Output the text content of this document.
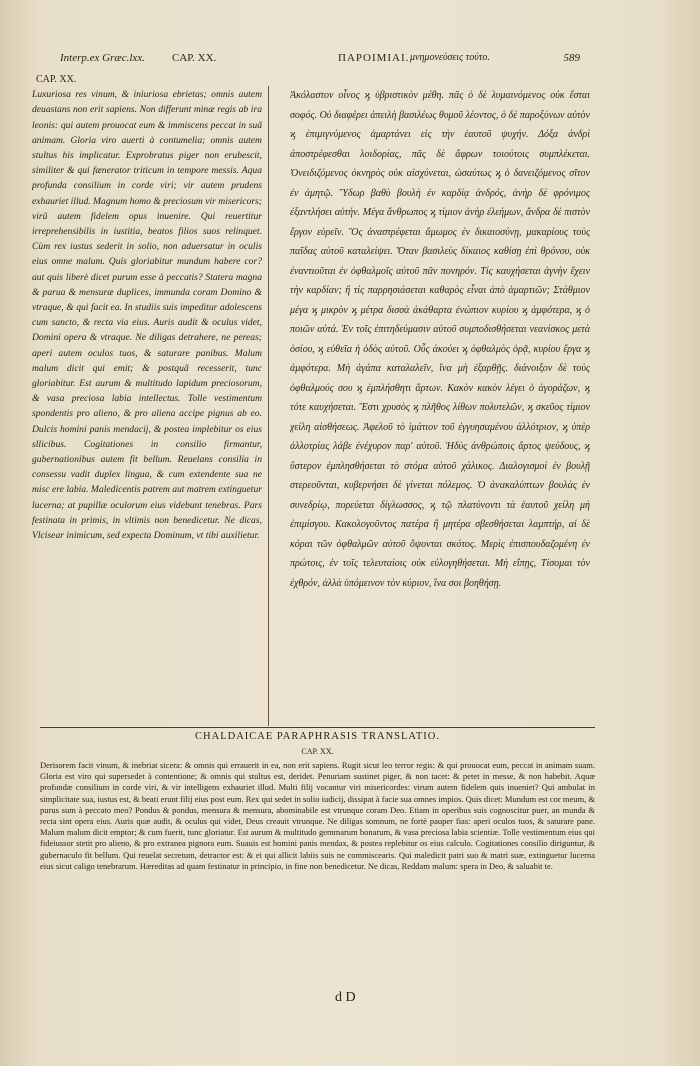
Interp.ex Græc.lxx. CAP. XX.	ΠΑΡΟΙΜΙΑΙ. μνημονεύσεις τούτο.	589
CAP. XX.

Luxuriosa res vinum, & iniuriosa ebrietas; omnis autem deuastans non erit sapiens. Non differunt minæ regis ab ira leonis: qui autem prouocat eum & immiscens peccat in suã animam. Gloria viro auerti à contumelia; omnis autem stultus his implicatur. Exprobratus piger non erubescit, similiter & qui fænerator triticum in tempore messis. Aqua profunda consilium in corde viri; vir autem prudens exhauriet illud. Magnum homo & preciosum vir misericors; virũ autem fidelem opus inuenire. Qui reuertitur irreprehensibilis in iustitia, beatos filios suos relinquet. Cùm rex iustus sederit in solio, non aduersatur in oculis eius omne malum. Quis gloriabitur mundum habere cor? aut quis liberè dicet purum esse à peccatis? Statera magna & parua & mensuræ duplices, immunda coram Domino & vtraque, & qui facit ea. In studiis suis impeditur adolescens cum sancto, & recta via eius. Auris audit & oculus videt, Domini opera & vtraque. Ne diligas detrahere, ne pereas; aperi autem oculos tuos, & saturare panibus. Malum malum dicit qui emit; & postquã recesserit, tunc gloriabitur. Est aurum & multitudo lapidum preciosorum, & vasa preciosa labia intellectus. Tolle vestimentum spondentis pro alieno, & pro aliena accipe pignus ab eo. Dulcis homini panis mendacij, & postea implebitur os eius sllicibus. Cogitationes in consilio firmantur, gubernationibus autem fit bellum. Reuelans consilia in consessu vadit duplex lingua, & cum extendente sua ne misc ere labia. Maledicentis patrem aut matrem extinguetur lucerna; at pupillæ oculorum eius videbunt tenebras. Pars festinata in primis, in vltimis non benedicetur. Ne dicas, Vlcisear inimicum, sed expecta Dominum, vt tibi auxilietur.

Ἀκόλαστον οἶνος ϗ ὑβριστικὸν μέθη. πᾶς ὁ δὲ λυμαινόμενος οὐκ ἔσται σοφός. Οὐ διαφέρει ἀπειλὴ βασιλέως θυμοῦ λέοντος, ὁ δὲ παροξύνων αὐτὸν ϗ ἐπιμιγνύμενος ἁμαρτάνει εἰς τὴν ἑαυτοῦ ψυχήν. Δόξα ἀνδρὶ ἀποστρέφεσθαι λοιδορίας, πᾶς δὲ ἄφρων τοιούτοις συμπλέκεται. Ὀνειδιζόμενος ὀκνηρὸς οὐκ αἰσχύνεται, ὡσαύτως ϗ ὁ δανειζόμενος σῖτον ἐν ἀμητῷ. Ὕδωρ βαθὺ βουλὴ ἐν καρδίᾳ ἀνδρός, ἀνὴρ δὲ φρόνιμος ἐξαντλήσει αὐτήν. Μέγα ἄνθρωπος ϗ τίμιον ἀνὴρ ἐλεήμων, ἄνδρα δὲ πιστὸν ἔργον εὑρεῖν. Ὃς ἀναστρέφεται ἄμωμος ἐν δικαιοσύνῃ, μακαρίους τοὺς παῖδας αὐτοῦ καταλείψει. Ὅταν βασιλεὺς δίκαιος καθίσῃ ἐπὶ θρόνου, οὐκ ἐναντιοῦται ἐν ὀφθαλμοῖς αὐτοῦ πᾶν πονηρόν. Τίς καυχήσεται ἁγνὴν ἔχειν τὴν καρδίαν; ἢ τίς παρρησιάσεται καθαρὸς εἶναι ἀπὸ ἁμαρτιῶν; Στάθμιον μέγα ϗ μικρὸν ϗ μέτρα δισσὰ ἀκάθαρτα ἐνώπιον κυρίου ϗ ἀμφότερα, ϗ ὁ ποιῶν αὐτά. Ἐν τοῖς ἐπιτηδεύμασιν αὐτοῦ συμποδισθήσεται νεανίσκος μετὰ ὁσίου, ϗ εὐθεῖα ἡ ὁδὸς αὐτοῦ. Οὖς ἀκούει ϗ ὀφθαλμὸς ὁρᾷ, κυρίου ἔργα ϗ ἀμφότερα. Μὴ ἀγάπα καταλαλεῖν, ἵνα μὴ ἐξαρθῇς. διάνοιξον δὲ τοὺς ὀφθαλμούς σου ϗ ἐμπλήσθητι ἄρτων. Κακὸν κακὸν λέγει ὁ ἀγοράζων, ϗ τότε καυχήσεται. Ἔστι χρυσὸς ϗ πλῆθος λίθων πολυτελῶν, ϗ σκεῦος τίμιον χείλη αἰσθήσεως. Ἀφελοῦ τὸ ἱμάτιον τοῦ ἐγγυησαμένου ἀλλότριον, ϗ ὑπὲρ ἀλλοτρίας λάβε ἐνέχυρον παρ' αὐτοῦ. Ἡδὺς ἀνθρώποις ἄρτος ψεύδους, ϗ ὕστερον ἐμπλησθήσεται τὸ στόμα αὐτοῦ χάλικος. Διαλογισμοὶ ἐν βουλῇ στερεοῦνται, κυβερνήσει δὲ γίνεται πόλεμος. Ὁ ἀνακαλύπτων βουλὰς ἐν συνεδρίῳ, πορεύεται δίγλωσσος, ϗ τῷ πλατύνοντι τὰ ἑαυτοῦ χείλη μὴ ἐπιμίσγου. Κακολογοῦντος πατέρα ἢ μητέρα σβεσθήσεται λαμπτήρ, αἱ δὲ κόραι τῶν ὀφθαλμῶν αὐτοῦ ὄψονται σκότος. Μερὶς ἐπισπουδαζομένη ἐν πρώτοις, ἐν τοῖς τελευταίοις οὐκ εὐλογηθήσεται. Μὴ εἴπῃς, Τίσομαι τὸν ἐχθρόν, ἀλλὰ ὑπόμεινον τὸν κύριον, ἵνα σοι βοηθήσῃ.

CHALDAICAE PARAPHRASIS TRANSLATIO.
CAP. XX.

Derisorem facit vinum, & inebriat sicera: & omnis qui errauerit in ea, non erit sapiens. Rugit sicut leo terror regis: & qui prouocat eum, peccat in animam suam. Gloria est viro qui supersedet à contentione; & omnis qui stultus est, deridet. Penuriam sustinet piger, & non tacet: & petet in messe, & non habebit. Aquæ profundæ consilium in corde viri, & vir intelligens exhauriet illud. Multi filij vocantur viri misericordes: virum autem fidelem quis inueniet? Qui ambulat in simplicitate sua, iustus est, & beati erunt filij eius post eum. Rex qui sedet in solio iudicij, dissipat à facie sua omnes impios. Quis dicet: Mundum est cor meum, & purus sum à peccato meo? Pondus & pondus, mensura & mensura, abominabile est vtrunque coram Deo. Etiam in operibus suis cognoscitur puer, an munda & recta sint opera eius. Auris quæ audit, & oculus qui videt, Deus creauit vtrunque. Ne diligas somnum, ne fortè pauper fias: aperi oculos tuos, & saturare pane. Malum malum dicit emptor; & cum fuerit, tunc gloriatur. Est aurum & multitudo gemmarum bonarum, & vasa preciosa labia scientiæ. Tolle vestimentum eius qui fideiussor stetit pro alieno, & pro extranea pignora eum. Suauis est homini panis mendax, & postea replebitur os eius calculo. Cogitationes consilio diriguntur, & gubernaculo fit bellum. Qui reuelat secretum, detractor est: & ei qui allicit labiis suis ne commiscearis. Qui maledicit patri suo & matri suæ, extinguetur lucerna eius sicut caligo tenebrarum. Hæreditas ad quam festinatur in principio, in fine non benedicetur. Ne dicas, Reddam malum: spera in Deo, & saluabit te.

d D
